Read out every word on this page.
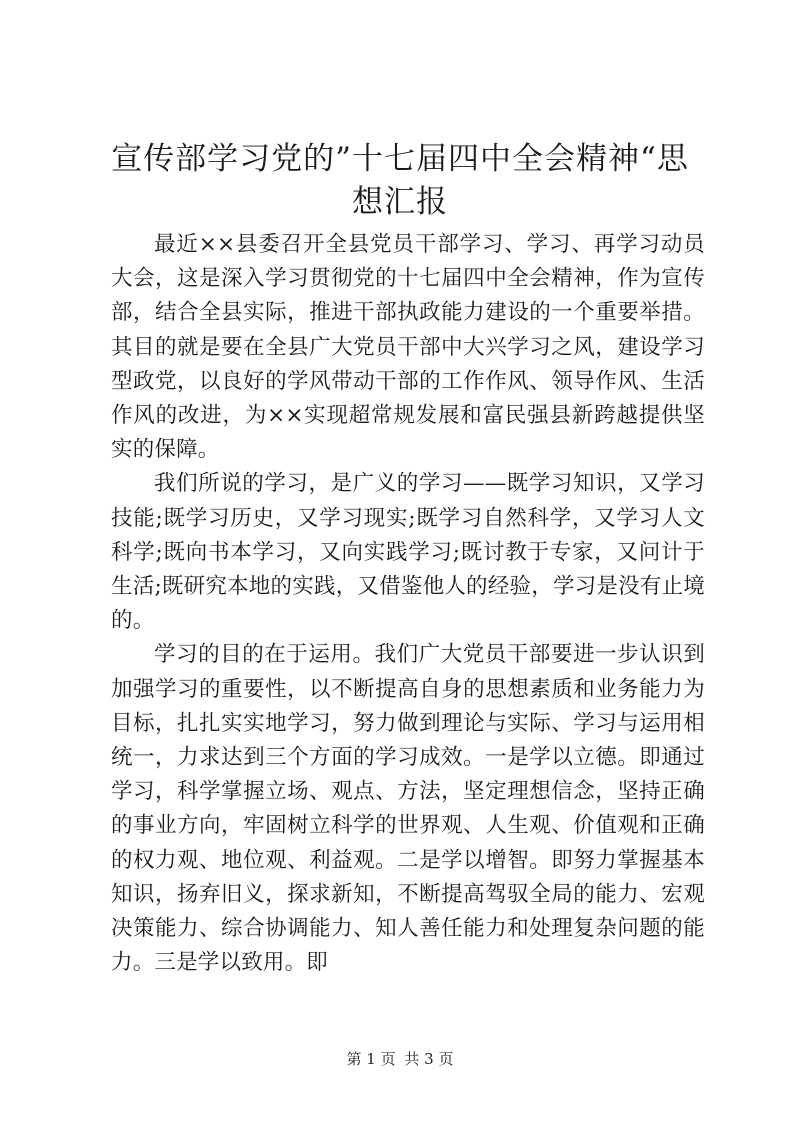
宣传部学习党的”十七届四中全会精神“思想汇报

最近××县委召开全县党员干部学习、学习、再学习动员大会，这是深入学习贯彻党的十七届四中全会精神，作为宣传部，结合全县实际，推进干部执政能力建设的一个重要举措。其目的就是要在全县广大党员干部中大兴学习之风，建设学习型政党，以良好的学风带动干部的工作作风、领导作风、生活作风的改进，为××实现超常规发展和富民强县新跨越提供坚实的保障。

我们所说的学习，是广义的学习——既学习知识，又学习技能;既学习历史，又学习现实;既学习自然科学，又学习人文科学;既向书本学习，又向实践学习;既讨教于专家，又问计于生活;既研究本地的实践，又借鉴他人的经验，学习是没有止境的。

学习的目的在于运用。我们广大党员干部要进一步认识到加强学习的重要性，以不断提高自身的思想素质和业务能力为目标，扎扎实实地学习，努力做到理论与实际、学习与运用相统一，力求达到三个方面的学习成效。一是学以立德。即通过学习，科学掌握立场、观点、方法，坚定理想信念，坚持正确的事业方向，牢固树立科学的世界观、人生观、价值观和正确的权力观、地位观、利益观。二是学以增智。即努力掌握基本知识，扬弃旧义，探求新知，不断提高驾驭全局的能力、宏观决策能力、综合协调能力、知人善任能力和处理复杂问题的能力。三是学以致用。即

第 1 页 共 3 页
